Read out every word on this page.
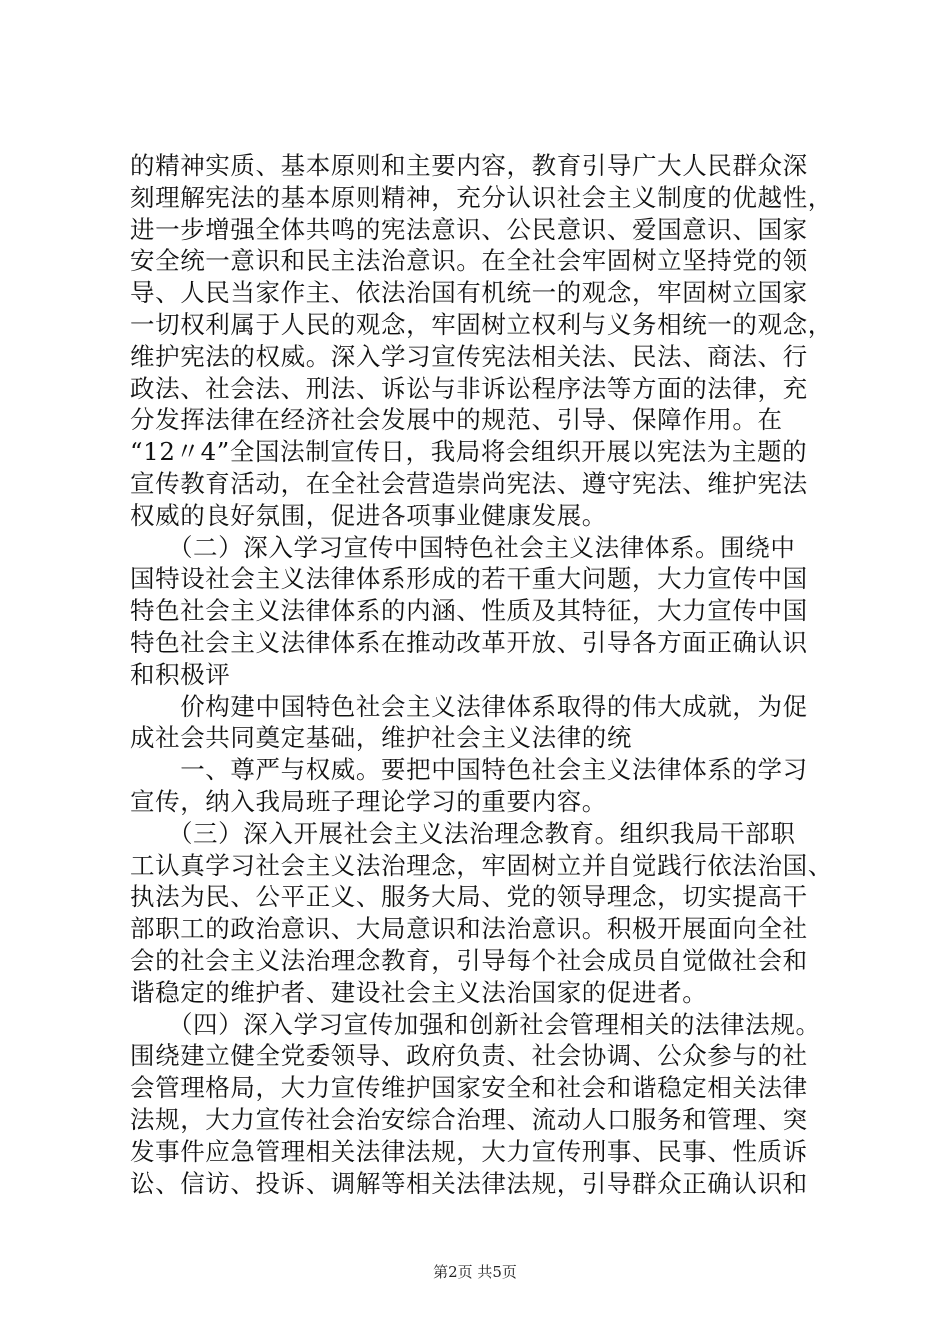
的精神实质、基本原则和主要内容，教育引导广大人民群众深
刻理解宪法的基本原则精神，充分认识社会主义制度的优越性，
进一步增强全体共鸣的宪法意识、公民意识、爱国意识、国家
安全统一意识和民主法治意识。在全社会牢固树立坚持党的领
导、人民当家作主、依法治国有机统一的观念，牢固树立国家
一切权利属于人民的观念，牢固树立权利与义务相统一的观念，
维护宪法的权威。深入学习宣传宪法相关法、民法、商法、行
政法、社会法、刑法、诉讼与非诉讼程序法等方面的法律，充
分发挥法律在经济社会发展中的规范、引导、保障作用。在
“12〃4”全国法制宣传日，我局将会组织开展以宪法为主题的
宣传教育活动，在全社会营造崇尚宪法、遵守宪法、维护宪法
权威的良好氛围，促进各项事业健康发展。
　　（二）深入学习宣传中国特色社会主义法律体系。围绕中
国特设社会主义法律体系形成的若干重大问题，大力宣传中国
特色社会主义法律体系的内涵、性质及其特征，大力宣传中国
特色社会主义法律体系在推动改革开放、引导各方面正确认识
和积极评
　　价构建中国特色社会主义法律体系取得的伟大成就，为促
成社会共同奠定基础，维护社会主义法律的统
　　一、尊严与权威。要把中国特色社会主义法律体系的学习
宣传，纳入我局班子理论学习的重要内容。
　　（三）深入开展社会主义法治理念教育。组织我局干部职
工认真学习社会主义法治理念，牢固树立并自觉践行依法治国、
执法为民、公平正义、服务大局、党的领导理念，切实提高干
部职工的政治意识、大局意识和法治意识。积极开展面向全社
会的社会主义法治理念教育，引导每个社会成员自觉做社会和
谐稳定的维护者、建设社会主义法治国家的促进者。
　　（四）深入学习宣传加强和创新社会管理相关的法律法规。
围绕建立健全党委领导、政府负责、社会协调、公众参与的社
会管理格局，大力宣传维护国家安全和社会和谐稳定相关法律
法规，大力宣传社会治安综合治理、流动人口服务和管理、突
发事件应急管理相关法律法规，大力宣传刑事、民事、性质诉
讼、信访、投诉、调解等相关法律法规，引导群众正确认识和
第2页 共5页
